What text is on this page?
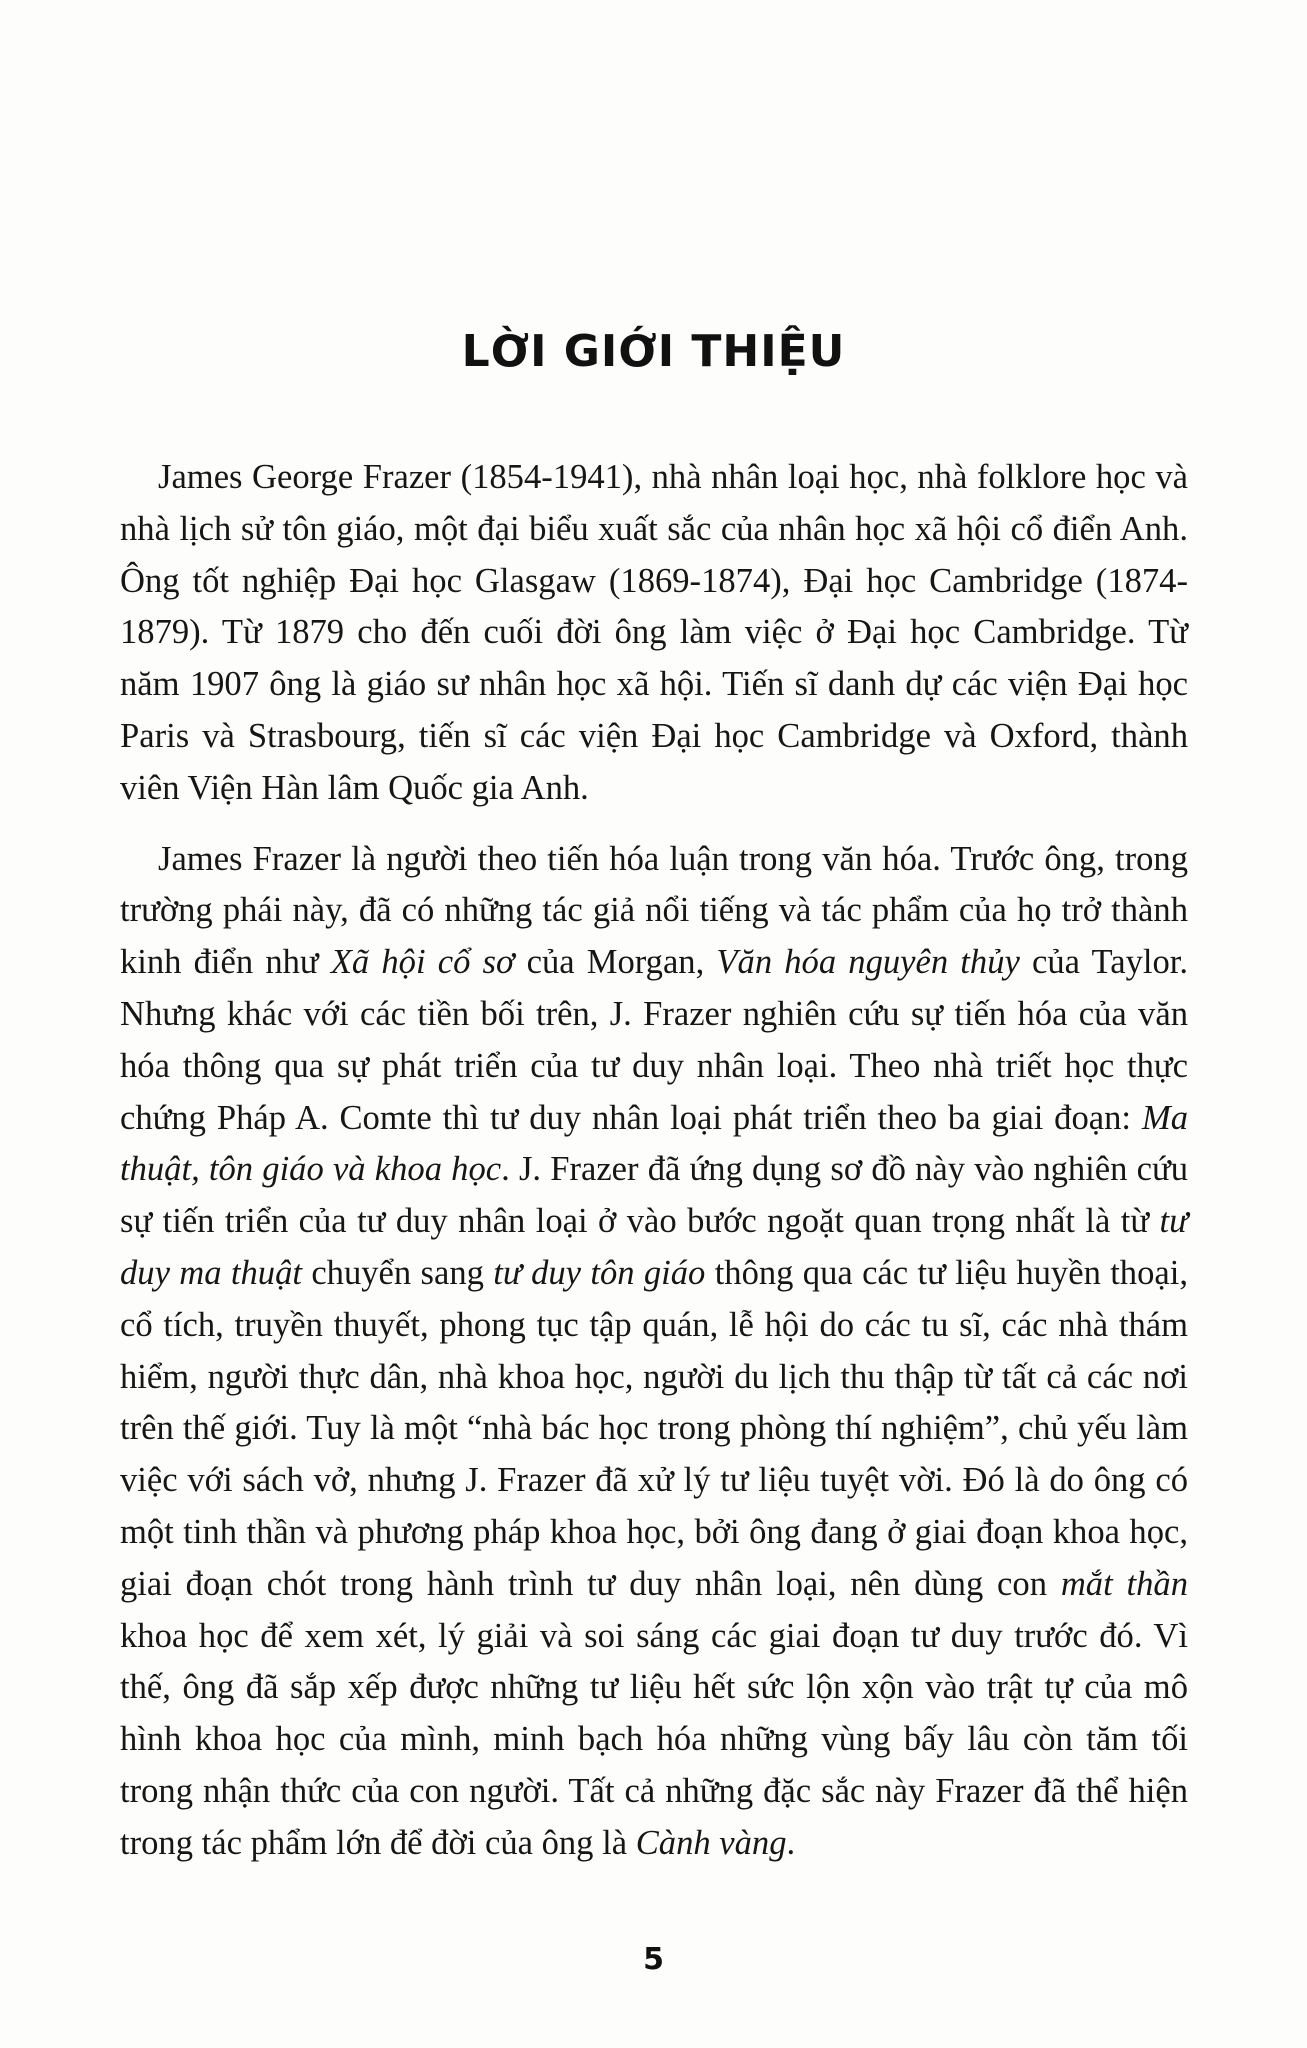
LỜI GIỚI THIỆU

James George Frazer (1854-1941), nhà nhân loại học, nhà folklore học và nhà lịch sử tôn giáo, một đại biểu xuất sắc của nhân học xã hội cổ điển Anh. Ông tốt nghiệp Đại học Glasgaw (1869-1874), Đại học Cambridge (1874-1879). Từ 1879 cho đến cuối đời ông làm việc ở Đại học Cambridge. Từ năm 1907 ông là giáo sư nhân học xã hội. Tiến sĩ danh dự các viện Đại học Paris và Strasbourg, tiến sĩ các viện Đại học Cambridge và Oxford, thành viên Viện Hàn lâm Quốc gia Anh.

James Frazer là người theo tiến hóa luận trong văn hóa. Trước ông, trong trường phái này, đã có những tác giả nổi tiếng và tác phẩm của họ trở thành kinh điển như Xã hội cổ sơ của Morgan, Văn hóa nguyên thủy của Taylor. Nhưng khác với các tiền bối trên, J. Frazer nghiên cứu sự tiến hóa của văn hóa thông qua sự phát triển của tư duy nhân loại. Theo nhà triết học thực chứng Pháp A. Comte thì tư duy nhân loại phát triển theo ba giai đoạn: Ma thuật, tôn giáo và khoa học. J. Frazer đã ứng dụng sơ đồ này vào nghiên cứu sự tiến triển của tư duy nhân loại ở vào bước ngoặt quan trọng nhất là từ tư duy ma thuật chuyển sang tư duy tôn giáo thông qua các tư liệu huyền thoại, cổ tích, truyền thuyết, phong tục tập quán, lễ hội do các tu sĩ, các nhà thám hiểm, người thực dân, nhà khoa học, người du lịch thu thập từ tất cả các nơi trên thế giới. Tuy là một “nhà bác học trong phòng thí nghiệm”, chủ yếu làm việc với sách vở, nhưng J. Frazer đã xử lý tư liệu tuyệt vời. Đó là do ông có một tinh thần và phương pháp khoa học, bởi ông đang ở giai đoạn khoa học, giai đoạn chót trong hành trình tư duy nhân loại, nên dùng con mắt thần khoa học để xem xét, lý giải và soi sáng các giai đoạn tư duy trước đó. Vì thế, ông đã sắp xếp được những tư liệu hết sức lộn xộn vào trật tự của mô hình khoa học của mình, minh bạch hóa những vùng bấy lâu còn tăm tối trong nhận thức của con người. Tất cả những đặc sắc này Frazer đã thể hiện trong tác phẩm lớn để đời của ông là Cành vàng.

5
